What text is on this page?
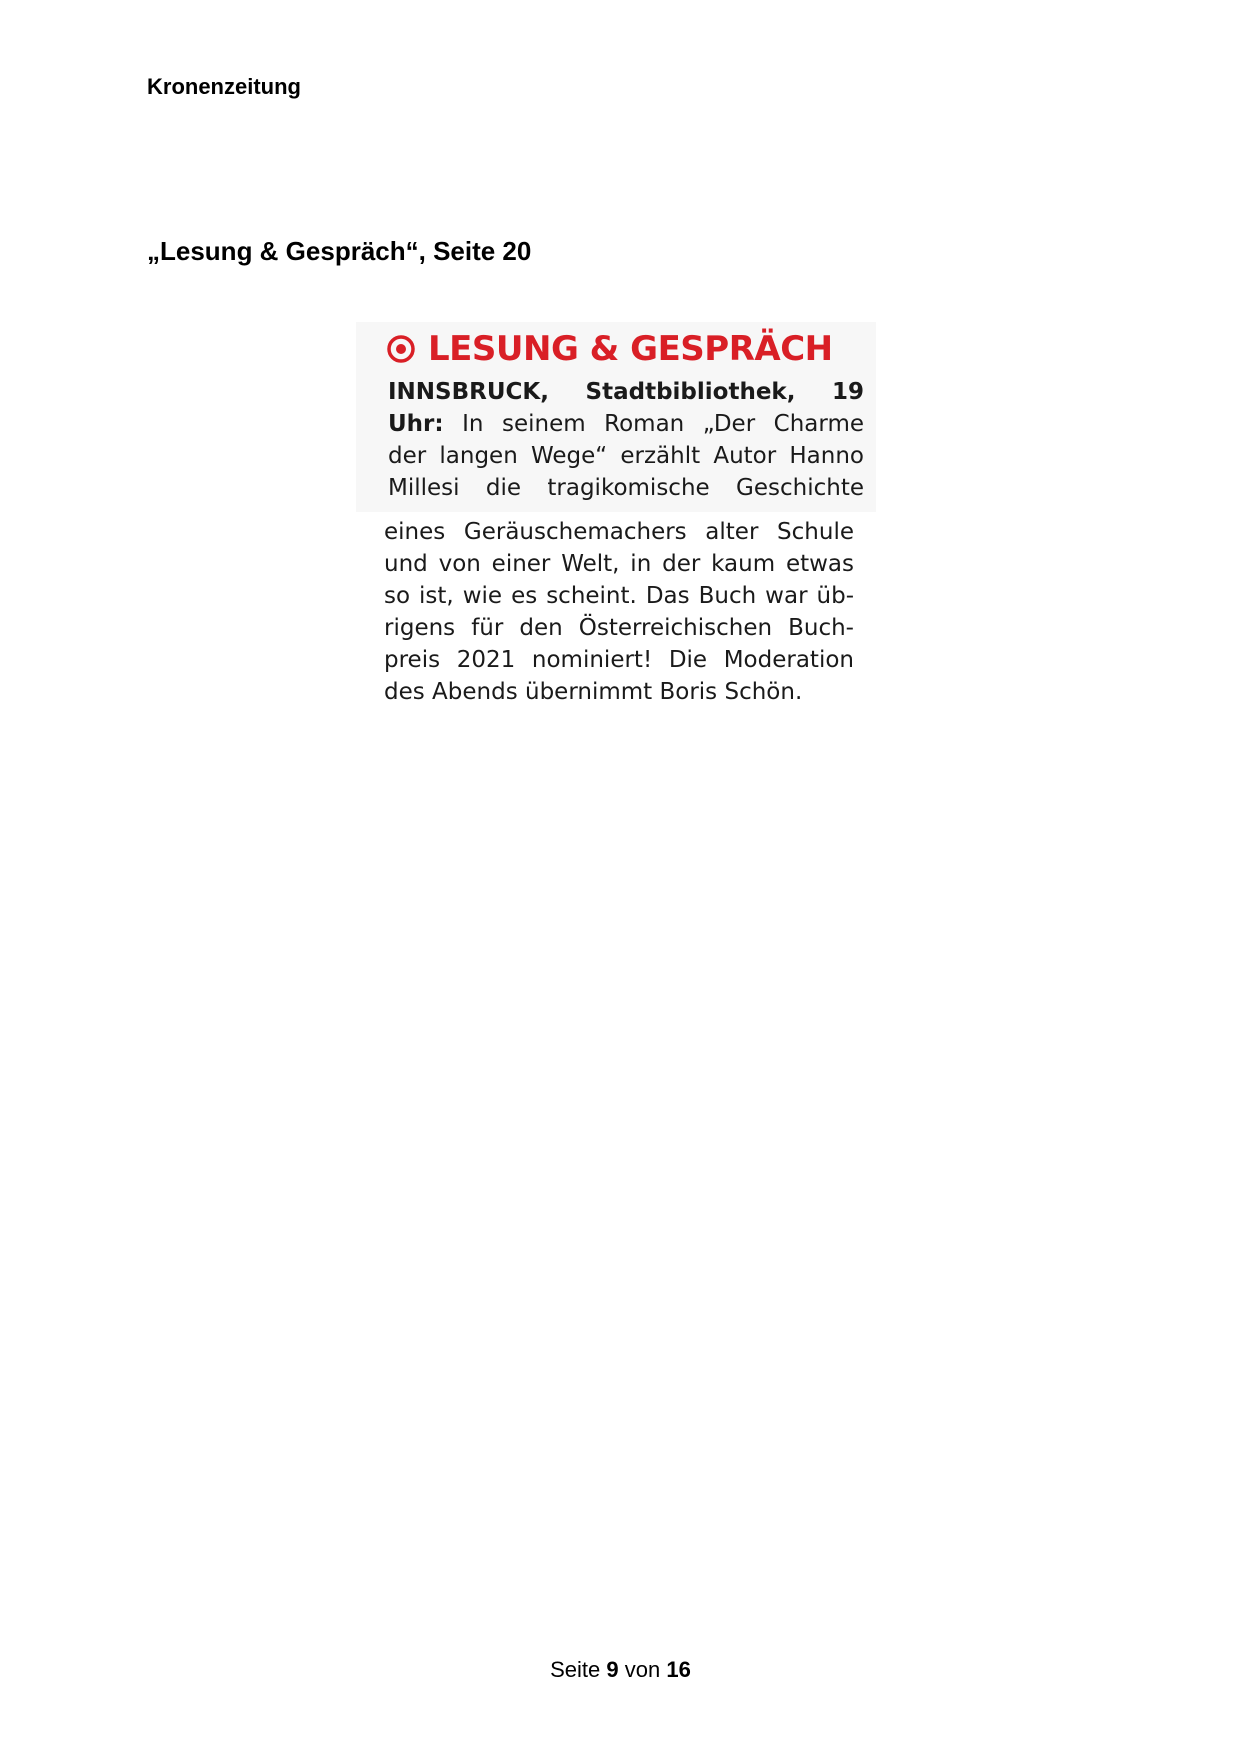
Kronenzeitung
„Lesung & Gespräch“, Seite 20
LESUNG & GESPRÄCH
INNSBRUCK, Stadtbibliothek, 19
Uhr: In seinem Roman „Der Charme
der langen Wege“ erzählt Autor Hanno
Millesi die tragikomische Geschichte
eines Geräuschemachers alter Schule
und von einer Welt, in der kaum etwas
so ist, wie es scheint. Das Buch war üb-
rigens für den Österreichischen Buch-
preis 2021 nominiert! Die Moderation
des Abends übernimmt Boris Schön.
Seite 9 von 16
